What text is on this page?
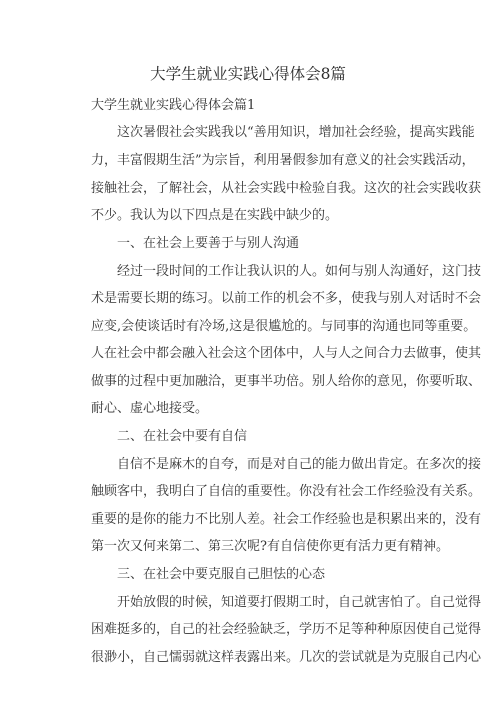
大学生就业实践心得体会8篇
大学生就业实践心得体会篇1
这次暑假社会实践我以“善用知识，增加社会经验，提高实践能
力，丰富假期生活”为宗旨，利用暑假参加有意义的社会实践活动，
接触社会，了解社会，从社会实践中检验自我。这次的社会实践收获
不少。我认为以下四点是在实践中缺少的。
一、在社会上要善于与别人沟通
经过一段时间的工作让我认识的人。如何与别人沟通好，这门技
术是需要长期的练习。以前工作的机会不多，使我与别人对话时不会
应变,会使谈话时有冷场,这是很尴尬的。与同事的沟通也同等重要。
人在社会中都会融入社会这个团体中，人与人之间合力去做事，使其
做事的过程中更加融洽，更事半功倍。别人给你的意见，你要听取、
耐心、虚心地接受。
二、在社会中要有自信
自信不是麻木的自夸，而是对自己的能力做出肯定。在多次的接
触顾客中，我明白了自信的重要性。你没有社会工作经验没有关系。
重要的是你的能力不比别人差。社会工作经验也是积累出来的，没有
第一次又何来第二、第三次呢?有自信使你更有活力更有精神。
三、在社会中要克服自己胆怯的心态
开始放假的时候，知道要打假期工时，自己就害怕了。自己觉得
困难挺多的，自己的社会经验缺乏，学历不足等种种原因使自己觉得
很渺小，自己懦弱就这样表露出来。几次的尝试就是为克服自己内心
